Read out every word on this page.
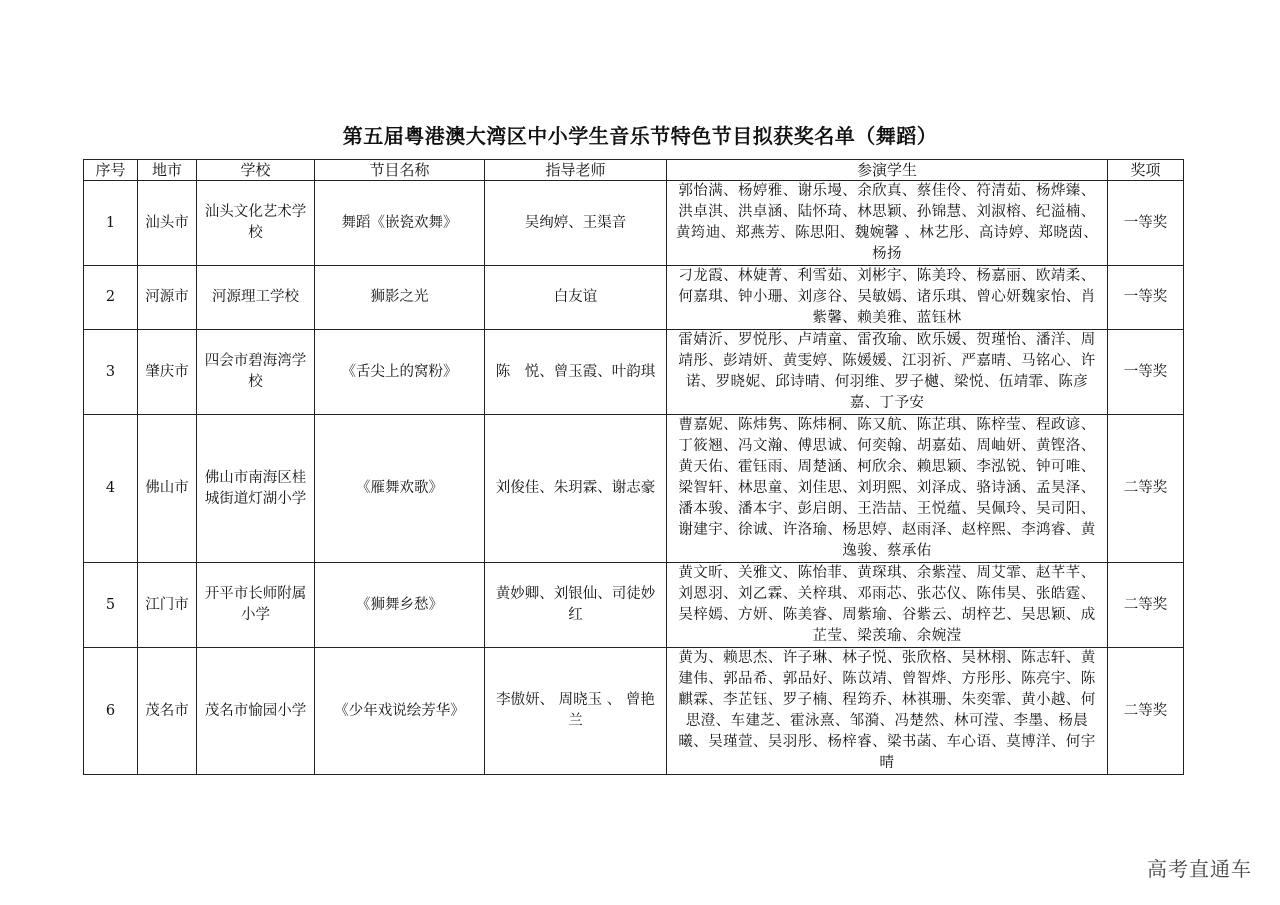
第五届粤港澳大湾区中小学生音乐节特色节目拟获奖名单（舞蹈）
序号	地市	学校	节目名称	指导老师	参演学生	奖项
1	汕头市	汕头文化艺术学校	舞蹈《嵌瓷欢舞》	吴绚婷、王渠音	郭怡满、杨婷雅、谢乐墁、余欣真、蔡佳伶、符清茹、杨烨臻、洪卓淇、洪卓涵、陆怀琦、林思颖、孙锦慧、刘淑榕、纪溢楠、黄筠迪、郑燕芳、陈思阳、魏婉馨 、林艺彤、高诗婷、郑晓茵、杨扬	一等奖
2	河源市	河源理工学校	狮影之光	白友谊	刁龙霞、林婕菁、利雪茹、刘彬宇、陈美玲、杨嘉丽、欧靖柔、何嘉琪、钟小珊、刘彦谷、吴敏嫣、诸乐琪、曾心妍魏家怡、肖紫馨、赖美雅、蓝钰林	一等奖
3	肇庆市	四会市碧海湾学校	《舌尖上的窝粉》	陈　悦、曾玉霞、叶韵琪	雷婧沂、罗悦彤、卢靖童、雷孜瑜、欧乐媛、贺瑾怡、潘洋、周靖彤、彭靖妍、黄雯婷、陈媛媛、江羽祈、严嘉晴、马铭心、许诺、罗晓妮、邱诗晴、何羽维、罗子樾、梁悦、伍靖霏、陈彦嘉、丁予安	一等奖
4	佛山市	佛山市南海区桂城街道灯湖小学	《雁舞欢歌》	刘俊佳、朱玥霖、谢志豪	曹嘉妮、陈炜隽、陈炜桐、陈又航、陈芷琪、陈梓莹、程政谚、丁筱翘、冯文瀚、傅思诚、何奕翰、胡嘉茹、周岫妍、黄铿洛、黄天佑、霍钰雨、周楚涵、柯欣余、赖思颖、李泓锐、钟可唯、梁智轩、林思童、刘佳思、刘玥熙、刘泽成、骆诗涵、孟昊泽、潘本骏、潘本宇、彭启朗、王浩喆、王悦蕴、吴佩玲、吴司阳、谢建宇、徐诚、许洛瑜、杨思婷、赵雨泽、赵梓熙、李鸿睿、黄逸骏、蔡承佑	二等奖
5	江门市	开平市长师附属小学	《狮舞乡愁》	黄妙卿、刘银仙、司徒妙红	黄文昕、关雅文、陈怡菲、黄琛琪、余紫滢、周艾霏、赵芊芊、刘恩羽、刘乙霖、关梓琪、邓雨芯、张芯仪、陈伟昊、张皓霆、吴梓嫣、方妍、陈美睿、周紫瑜、谷紫云、胡梓艺、吴思颖、成芷莹、梁羡瑜、余婉滢	二等奖
6	茂名市	茂名市愉园小学	《少年戏说绘芳华》	李傲妍、 周晓玉 、 曾艳兰	黄为、赖思杰、许子琳、林子悦、张欣格、吴林栩、陈志轩、黄建伟、郭品希、郭品好、陈苡靖、曾智烨、方彤彤、陈亮宇、陈麒霖、李芷钰、罗子楠、程筠乔、林祺珊、朱奕霏、黄小越、何思澄、车建芝、霍泳熹、邹漪、冯楚然、林可滢、李墨、杨晨曦、吴瑾萱、吴羽彤、杨梓睿、梁书菡、车心语、莫博洋、何宇晴	二等奖
高考直通车
